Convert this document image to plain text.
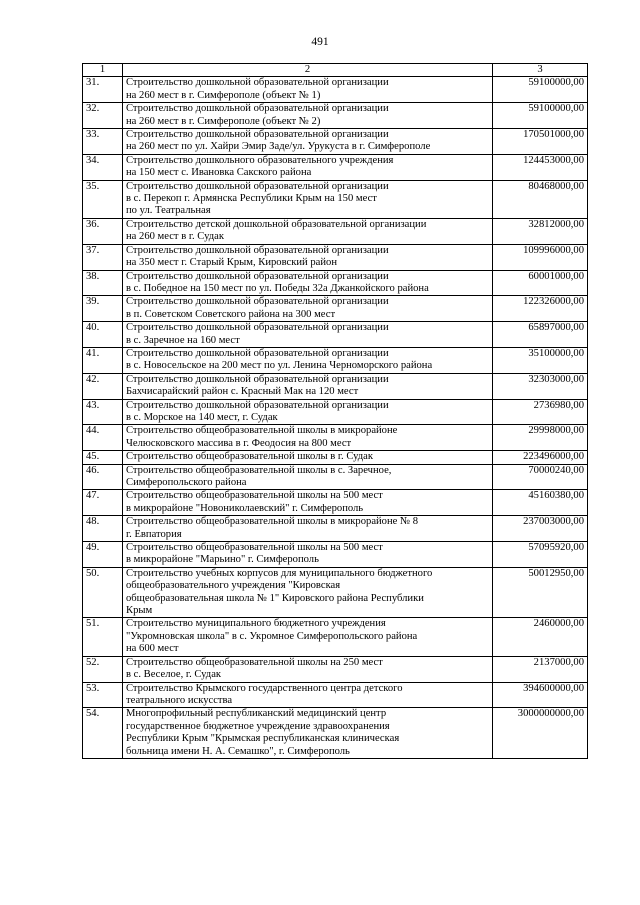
491
1	2	3
31.	Строительство дошкольной образовательной организации
на 260 мест в г. Симферополе (объект № 1)	59100000,00
32.	Строительство дошкольной образовательной организации
на 260 мест в г. Симферополе (объект № 2)	59100000,00
33.	Строительство дошкольной образовательной организации
на 260 мест по ул. Хайри Эмир Заде/ул. Урукуста в г. Симферополе	170501000,00
34.	Строительство дошкольного образовательного учреждения
на 150 мест с. Ивановка Сакского района	124453000,00
35.	Строительство дошкольной образовательной организации
в с. Перекоп г. Армянска Республики Крым на 150 мест
по ул. Театральная	80468000,00
36.	Строительство детской дошкольной образовательной организации
на 260 мест в г. Судак	32812000,00
37.	Строительство дошкольной образовательной организации
на 350 мест г. Старый Крым, Кировский район	109996000,00
38.	Строительство дошкольной образовательной организации
в с. Победное на 150 мест по ул. Победы 32а Джанкойского района	60001000,00
39.	Строительство дошкольной образовательной организации
в п. Советском Советского района на 300 мест	122326000,00
40.	Строительство дошкольной образовательной организации
в с. Заречное на 160 мест	65897000,00
41.	Строительство дошкольной образовательной организации
в с. Новосельское на 200 мест по ул. Ленина Черноморского района	35100000,00
42.	Строительство дошкольной образовательной организации
Бахчисарайский район с. Красный Мак на 120 мест	32303000,00
43.	Строительство дошкольной образовательной организации
в с. Морское на 140 мест, г. Судак	2736980,00
44.	Строительство общеобразовательной школы в микрорайоне
Челюсковского массива в г. Феодосия на 800 мест	29998000,00
45.	Строительство общеобразовательной школы в г. Судак	223496000,00
46.	Строительство общеобразовательной школы в с. Заречное,
Симферопольского района	70000240,00
47.	Строительство общеобразовательной школы на 500 мест
в микрорайоне "Новониколаевский" г. Симферополь	45160380,00
48.	Строительство общеобразовательной школы в микрорайоне № 8
г. Евпатория	237003000,00
49.	Строительство общеобразовательной школы на 500 мест
в микрорайоне "Марьино" г. Симферополь	57095920,00
50.	Строительство учебных корпусов для муниципального бюджетного
общеобразовательного учреждения "Кировская
общеобразовательная школа № 1" Кировского района Республики
Крым	50012950,00
51.	Строительство муниципального бюджетного учреждения
"Укромновская школа" в с. Укромное Симферопольского района
на 600 мест	2460000,00
52.	Строительство общеобразовательной школы на 250 мест
в с. Веселое, г. Судак	2137000,00
53.	Строительство Крымского государственного центра детского
театрального искусства	394600000,00
54.	Многопрофильный республиканский медицинский центр
государственное бюджетное учреждение здравоохранения
Республики Крым "Крымская республиканская клиническая
больница имени Н. А. Семашко", г. Симферополь	3000000000,00
